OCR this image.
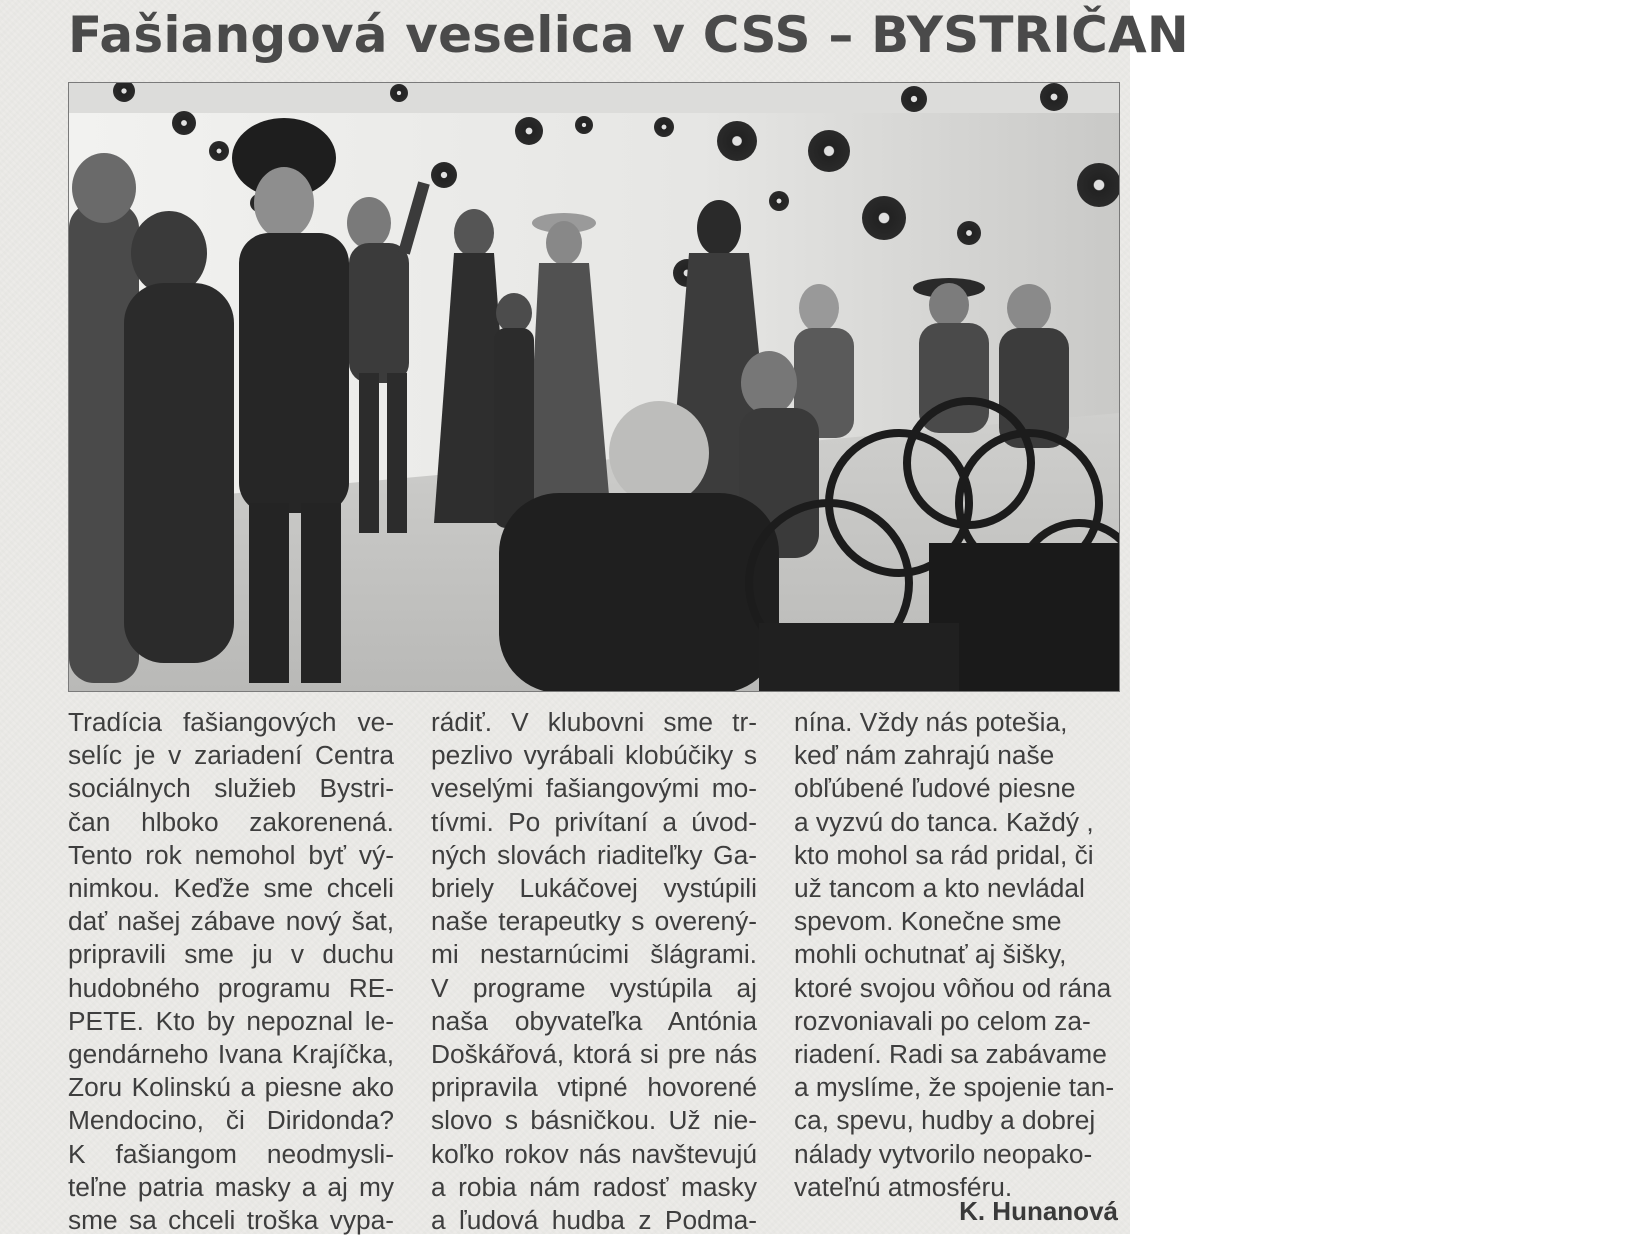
Fašiangová veselica v CSS – BYSTRIČAN
Tradícia fašiangových ve-
selíc je v zariadení Centra
sociálnych služieb Bystri-
čan hlboko zakorenená.
Tento rok nemohol byť vý-
nimkou. Keďže sme chceli
dať našej zábave nový šat,
pripravili sme ju v duchu
hudobného programu RE-
PETE. Kto by nepoznal le-
gendárneho Ivana Krajíčka,
Zoru Kolinskú a piesne ako
Mendocino, či Diridonda?
K fašiangom neodmysli-
teľne patria masky a aj my
sme sa chceli troška vypa-
rádiť. V klubovni sme tr-
pezlivo vyrábali klobúčiky s
veselými fašiangovými mo-
tívmi. Po privítaní a úvod-
ných slovách riaditeľky Ga-
briely Lukáčovej vystúpili
naše terapeutky s overený-
mi nestarnúcimi šlágrami.
V programe vystúpila aj
naša obyvateľka Antónia
Doškářová, ktorá si pre nás
pripravila vtipné hovorené
slovo s básničkou. Už nie-
koľko rokov nás navštevujú
a robia nám radosť masky
a ľudová hudba z Podma-
nína. Vždy nás potešia,
keď nám zahrajú naše
obľúbené ľudové piesne
a vyzvú do tanca. Každý ,
kto mohol sa rád pridal, či
už tancom a kto nevládal
spevom. Konečne sme
mohli ochutnať aj šišky,
ktoré svojou vôňou od rána
rozvoniavali po celom za-
riadení. Radi sa zabávame
a myslíme, že spojenie tan-
ca, spevu, hudby a dobrej
nálady vytvorilo neopako-
vateľnú atmosféru.
K. Hunanová
